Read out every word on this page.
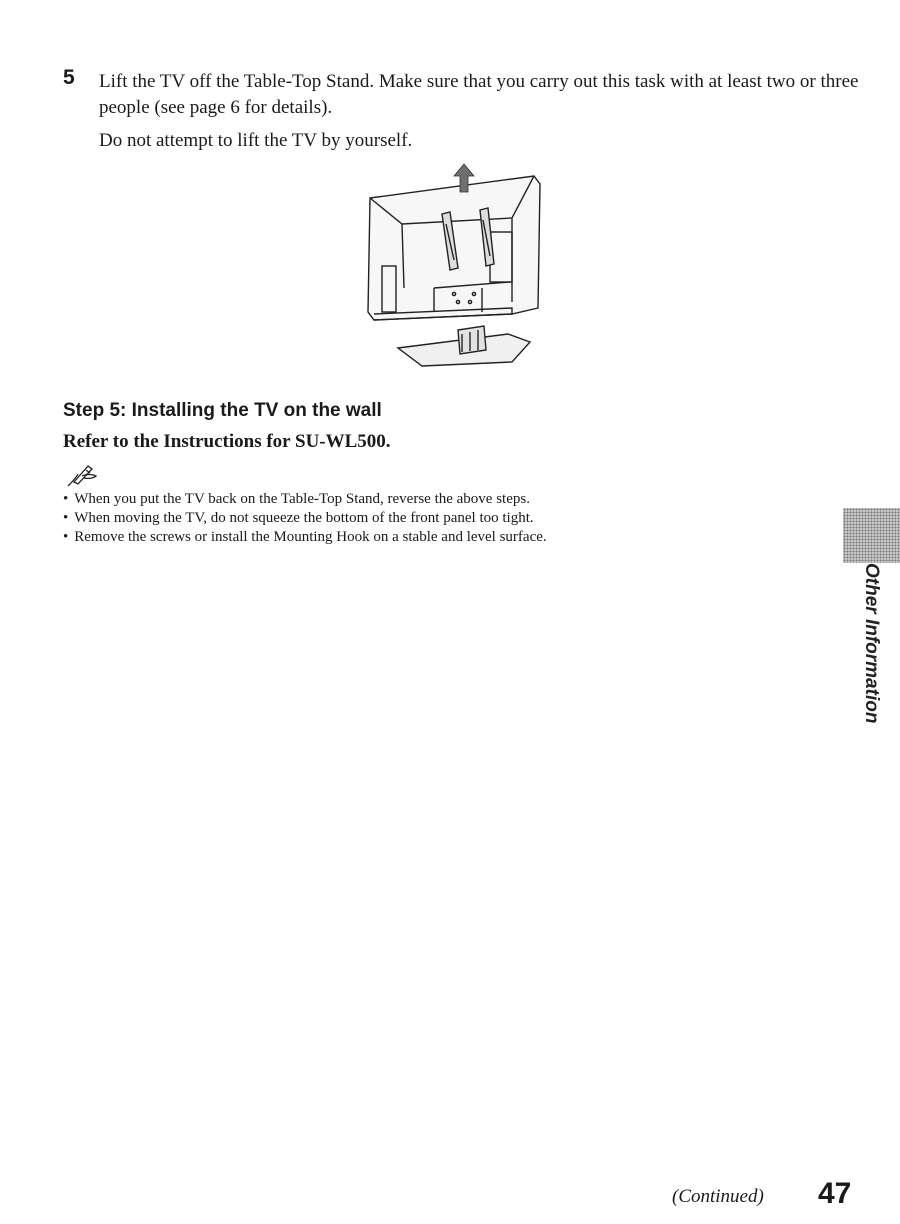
5 Lift the TV off the Table-Top Stand. Make sure that you carry out this task with at least two or three people (see page 6 for details).
Do not attempt to lift the TV by yourself.
Step 5: Installing the TV on the wall
Refer to the Instructions for SU-WL500.
• When you put the TV back on the Table-Top Stand, reverse the above steps.
• When moving the TV, do not squeeze the bottom of the front panel too tight.
• Remove the screws or install the Mounting Hook on a stable and level surface.
Other Information
(Continued) 47
